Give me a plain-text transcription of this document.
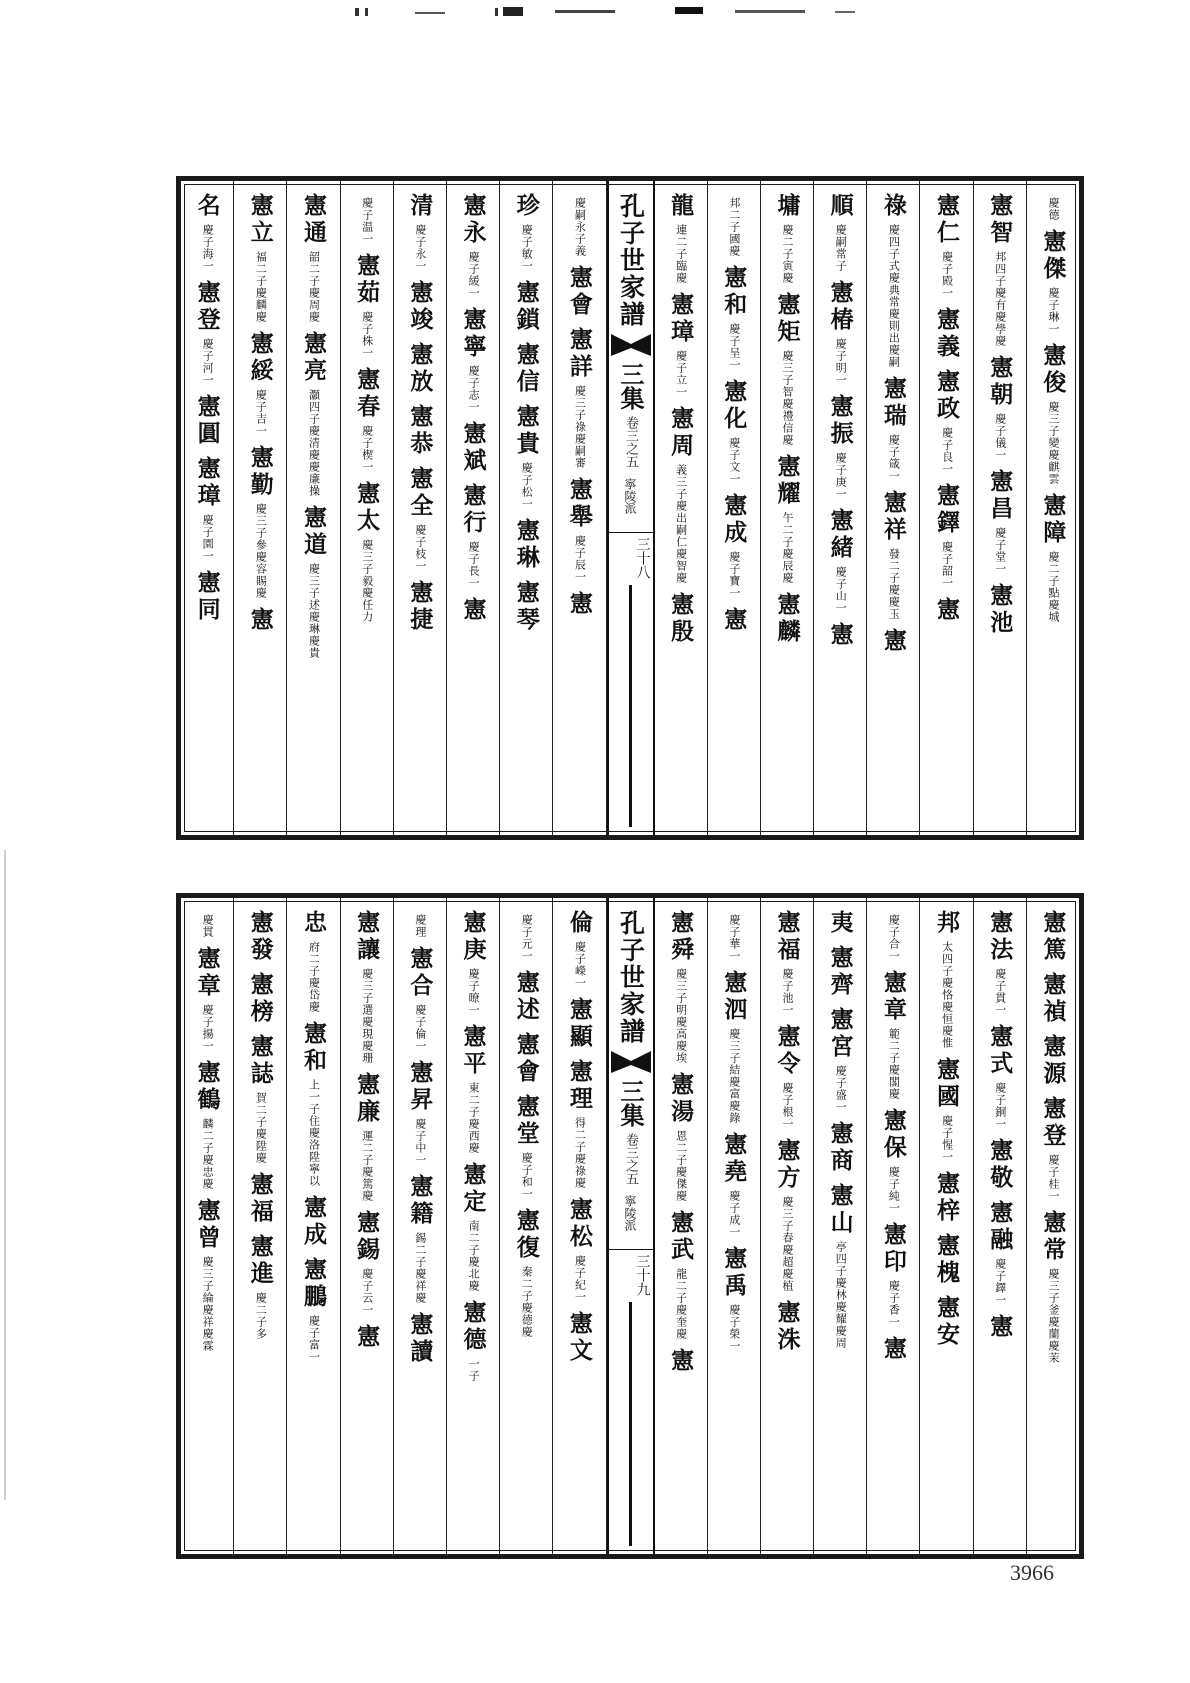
名
慶子海一
憲登
慶子河一
憲圓
憲璋
慶子園一
憲同
憲立
福二子慶麟慶
憲綏
慶子吉一
憲勤
慶三子參慶容賜慶
憲
憲通
韶二子慶周慶
憲亮
灝四子慶清慶慶廉操
憲道
慶三子述慶琳慶貴
慶子温一
憲茹
慶子株一
憲春
慶子楔一
憲太
慶三子毅慶任力
清
慶子永一
憲竣
憲放
憲恭
憲全
慶子枝一
憲捷
憲永
慶子緩一
憲寧
慶子志一
憲斌
憲行
慶子長一
憲
珍
慶子敏一
憲鎖
憲信
憲貴
慶子松一
憲琳
憲琴
慶嗣永子義
憲會
憲詳
慶三子祿慶嗣審
憲舉
慶子辰一
憲
孔子世家譜
三集
卷三之五
寧陵派
三十八
龍
連二子臨慶
憲璋
慶子立一
憲周
義三子慶出嗣仁慶智慶
憲殷
邦二子國慶
憲和
慶子呈一
憲化
慶子文一
憲成
慶子寶一
憲
墉
慶二子寅慶
憲矩
慶三子智慶禮信慶
憲耀
午二子慶辰慶
憲麟
順
慶嗣常子
憲椿
慶子明一
憲振
慶子庚一
憲緒
慶子山一
憲
祿
慶四子式慶典常慶則出慶嗣
憲瑞
慶子箴一
憲祥
發二子慶慶玉
憲
憲仁
慶子殿一
憲義
憲政
慶子良一
憲鐸
慶子韶一
憲
憲智
邦四子慶有慶學慶
憲朝
慶子儀一
憲昌
慶子堂一
憲池
慶德
憲傑
慶子琳一
憲俊
慶三子變慶麒雲
憲障
慶二子點慶城
慶貫
憲章
慶子揚一
憲鶴
麟二子慶忠慶
憲曾
慶三子綸慶祥慶霖
憲發
憲榜
憲誌
賀二子慶陞慶
憲福
憲進
慶二子多
忠
府二子慶岱慶
憲和
上一子住慶洛陞寧以
憲成
憲鵬
慶子富一
憲讓
慶三子選慶現慶珊
憲廉
運二子慶篤慶
憲錫
慶子云一
憲
慶理
憲合
慶子倫一
憲昇
慶子中一
憲籍
錫二子慶祥慶
憲讀
憲庚
慶子暸一
憲平
東二子慶西慶
憲定
南二子慶北慶
憲德
一子
慶子元一
憲述
憲會
憲堂
慶子和一
憲復
秦二子慶德慶
倫
慶子嶸一
憲顯
憲理
得二子慶祿慶
憲松
慶子紀一
憲文
孔子世家譜
三集
卷三之五
寧陵派
三十九
憲舜
慶三子明慶高慶埃
憲湯
恩二子慶傑慶
憲武
龍二子慶奎慶
憲
慶子華一
憲泗
慶三子結慶富慶錄
憲堯
慶子成一
憲禹
慶子榮一
憲福
慶子池一
憲令
慶子根一
憲方
慶三子春慶超慶植
憲洙
夷
憲齊
憲宮
慶子盛一
憲商
憲山
亭四子慶林慶耀慶周
慶子合一
憲章
範二子慶閣慶
憲保
慶子純一
憲印
慶子香一
憲
邦
太四子慶恪慶恒慶惟
憲國
慶子惺一
憲梓
憲槐
憲安
憲法
慶子貫一
憲式
慶子銅一
憲敬
憲融
慶子鐸一
憲
憲篤
憲禎
憲源
憲登
慶子桂一
憲常
慶三子釜慶蘭慶茉
3966
